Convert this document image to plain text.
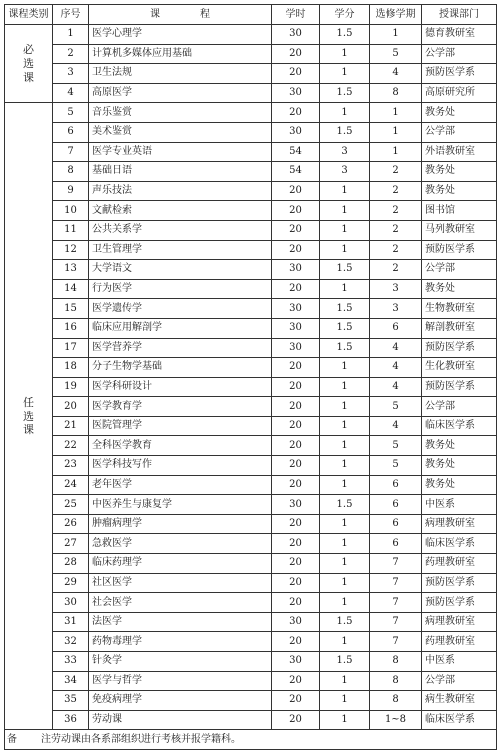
课程类别	序号	课　　　　程	学时	学分	选修学期	授课部门

必
选
课	1	医学心理学	30	1.5	1	德育教研室
	2	计算机多媒体应用基础	20	1	5	公学部
	3	卫生法规	20	1	4	预防医学系
	4	高原医学	30	1.5	8	高原研究所

任
选
课	5	音乐鉴赏	20	1	1	教务处
	6	美术鉴赏	30	1.5	1	公学部
	7	医学专业英语	54	3	1	外语教研室
	8	基础日语	54	3	2	教务处
	9	声乐技法	20	1	2	教务处
	10	文献检索	20	1	2	图书馆
	11	公共关系学	20	1	2	马列教研室
	12	卫生管理学	20	1	2	预防医学系
	13	大学语文	30	1.5	2	公学部
	14	行为医学	20	1	3	教务处
	15	医学遗传学	30	1.5	3	生物教研室
	16	临床应用解剖学	30	1.5	6	解剖教研室
	17	医学营养学	30	1.5	4	预防医学系
	18	分子生物学基础	20	1	4	生化教研室
	19	医学科研设计	20	1	4	预防医学系
	20	医学教育学	20	1	5	公学部
	21	医院管理学	20	1	4	临床医学系
	22	全科医学教育	20	1	5	教务处
	23	医学科技写作	20	1	5	教务处
	24	老年医学	20	1	6	教务处
	25	中医养生与康复学	30	1.5	6	中医系
	26	肿瘤病理学	20	1	6	病理教研室
	27	急救医学	20	1	6	临床医学系
	28	临床药理学	20	1	7	药理教研室
	29	社区医学	20	1	7	预防医学系
	30	社会医学	20	1	7	预防医学系
	31	法医学	30	1.5	7	病理教研室
	32	药物毒理学	20	1	7	药理教研室
	33	针灸学	30	1.5	8	中医系
	34	医学与哲学	20	1	8	公学部
	35	免疫病理学	20	1	8	病生教研室
	36	劳动课	20	1	1~8	临床医学系
备 注劳动课由各系部组织进行考核并报学籍科。						
